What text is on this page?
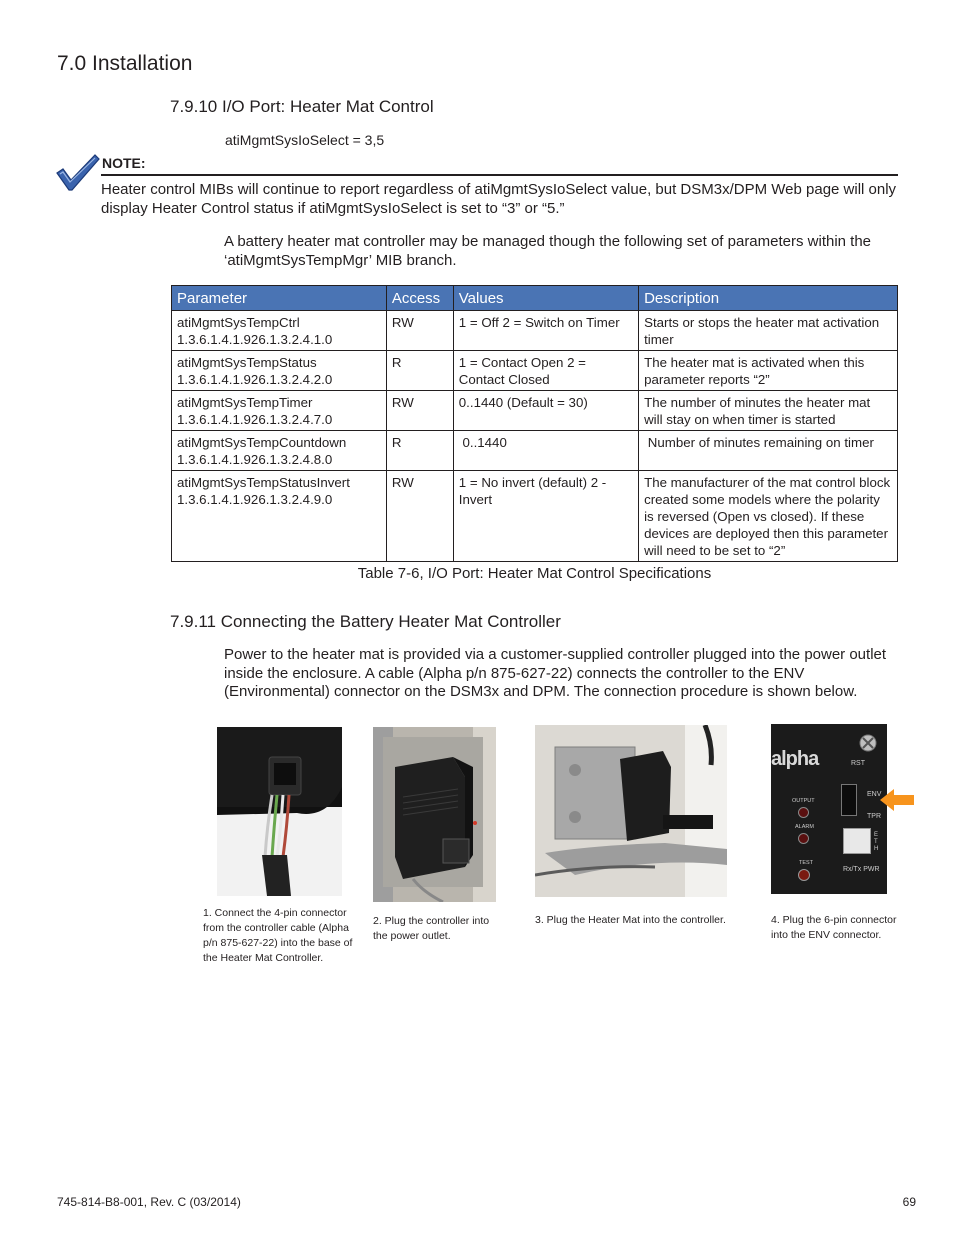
7.0 Installation
7.9.10 I/O Port: Heater Mat Control
atiMgmtSysIoSelect = 3,5
NOTE:
Heater control MIBs will continue to report regardless of atiMgmtSysIoSelect value, but DSM3x/DPM Web page will only display Heater Control status if atiMgmtSysIoSelect is set to “3” or “5.”
A battery heater mat controller may be managed though the following set of parameters within the ‘atiMgmtSysTempMgr’ MIB branch.
Parameter	Access	Values	Description

atiMgmtSysTempCtrl
1.3.6.1.4.1.926.1.3.2.4.1.0	RW	1 = Off 2 = Switch on Timer	Starts or stops the heater mat activation timer

atiMgmtSysTempStatus
1.3.6.1.4.1.926.1.3.2.4.2.0	R	1 = Contact Open 2 = Contact Closed	The heater mat is activated when this parameter reports “2”

atiMgmtSysTempTimer
1.3.6.1.4.1.926.1.3.2.4.7.0	RW	0..1440 (Default = 30)	The number of minutes the heater mat will stay on when timer is started

atiMgmtSysTempCountdown
1.3.6.1.4.1.926.1.3.2.4.8.0	R	0..1440	Number of minutes remaining on timer

atiMgmtSysTempStatusInvert
1.3.6.1.4.1.926.1.3.2.4.9.0	RW	1 = No invert (default) 2 - Invert	The manufacturer of the mat control block created some models where the polarity is reversed (Open vs closed). If these devices are deployed then this parameter will need to be set to “2”
Table 7-6, I/O Port: Heater Mat Control Specifications
7.9.11 Connecting the Battery Heater Mat Controller
Power to the heater mat is provided via a customer-supplied controller plugged into the power outlet inside the enclosure. A cable (Alpha p/n 875-627-22) connects the controller to the ENV (Environmental) connector on the DSM3x and DPM. The connection procedure is shown below.
1. Connect the 4-pin connector from the controller cable (Alpha p/n 875-627-22) into the base of the Heater Mat Controller.
2. Plug the controller into the power outlet.
3. Plug the Heater Mat into the controller.
alpha	RST
ENV
TPR
OUTPUT
ALARM
ETH
TEST
Rx/Tx PWR
4. Plug the 6-pin connector into the ENV connector.
745-814-B8-001, Rev. C (03/2014)	69
